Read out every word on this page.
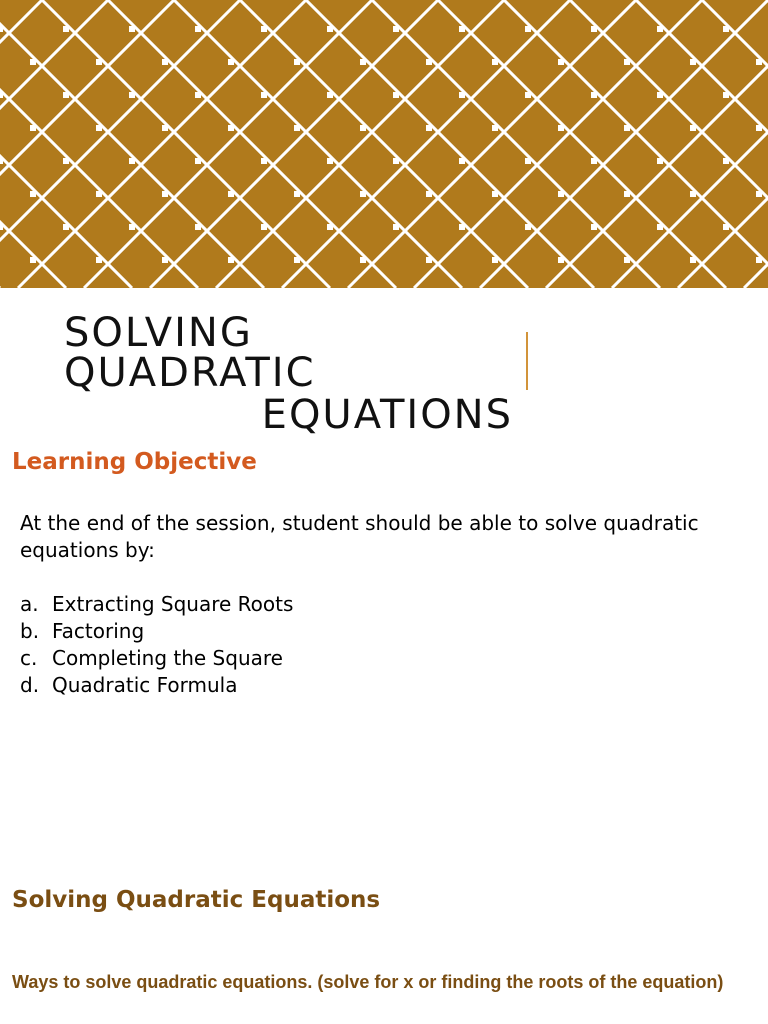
SOLVING QUADRATIC
EQUATIONS
Learning Objective

At the end of the session, student should be able to solve quadratic equations by:

a. Extracting Square Roots
b. Factoring
c. Completing the Square
d. Quadratic Formula
Solving Quadratic Equations

Ways to solve quadratic equations. (solve for x or finding the roots of the equation)
